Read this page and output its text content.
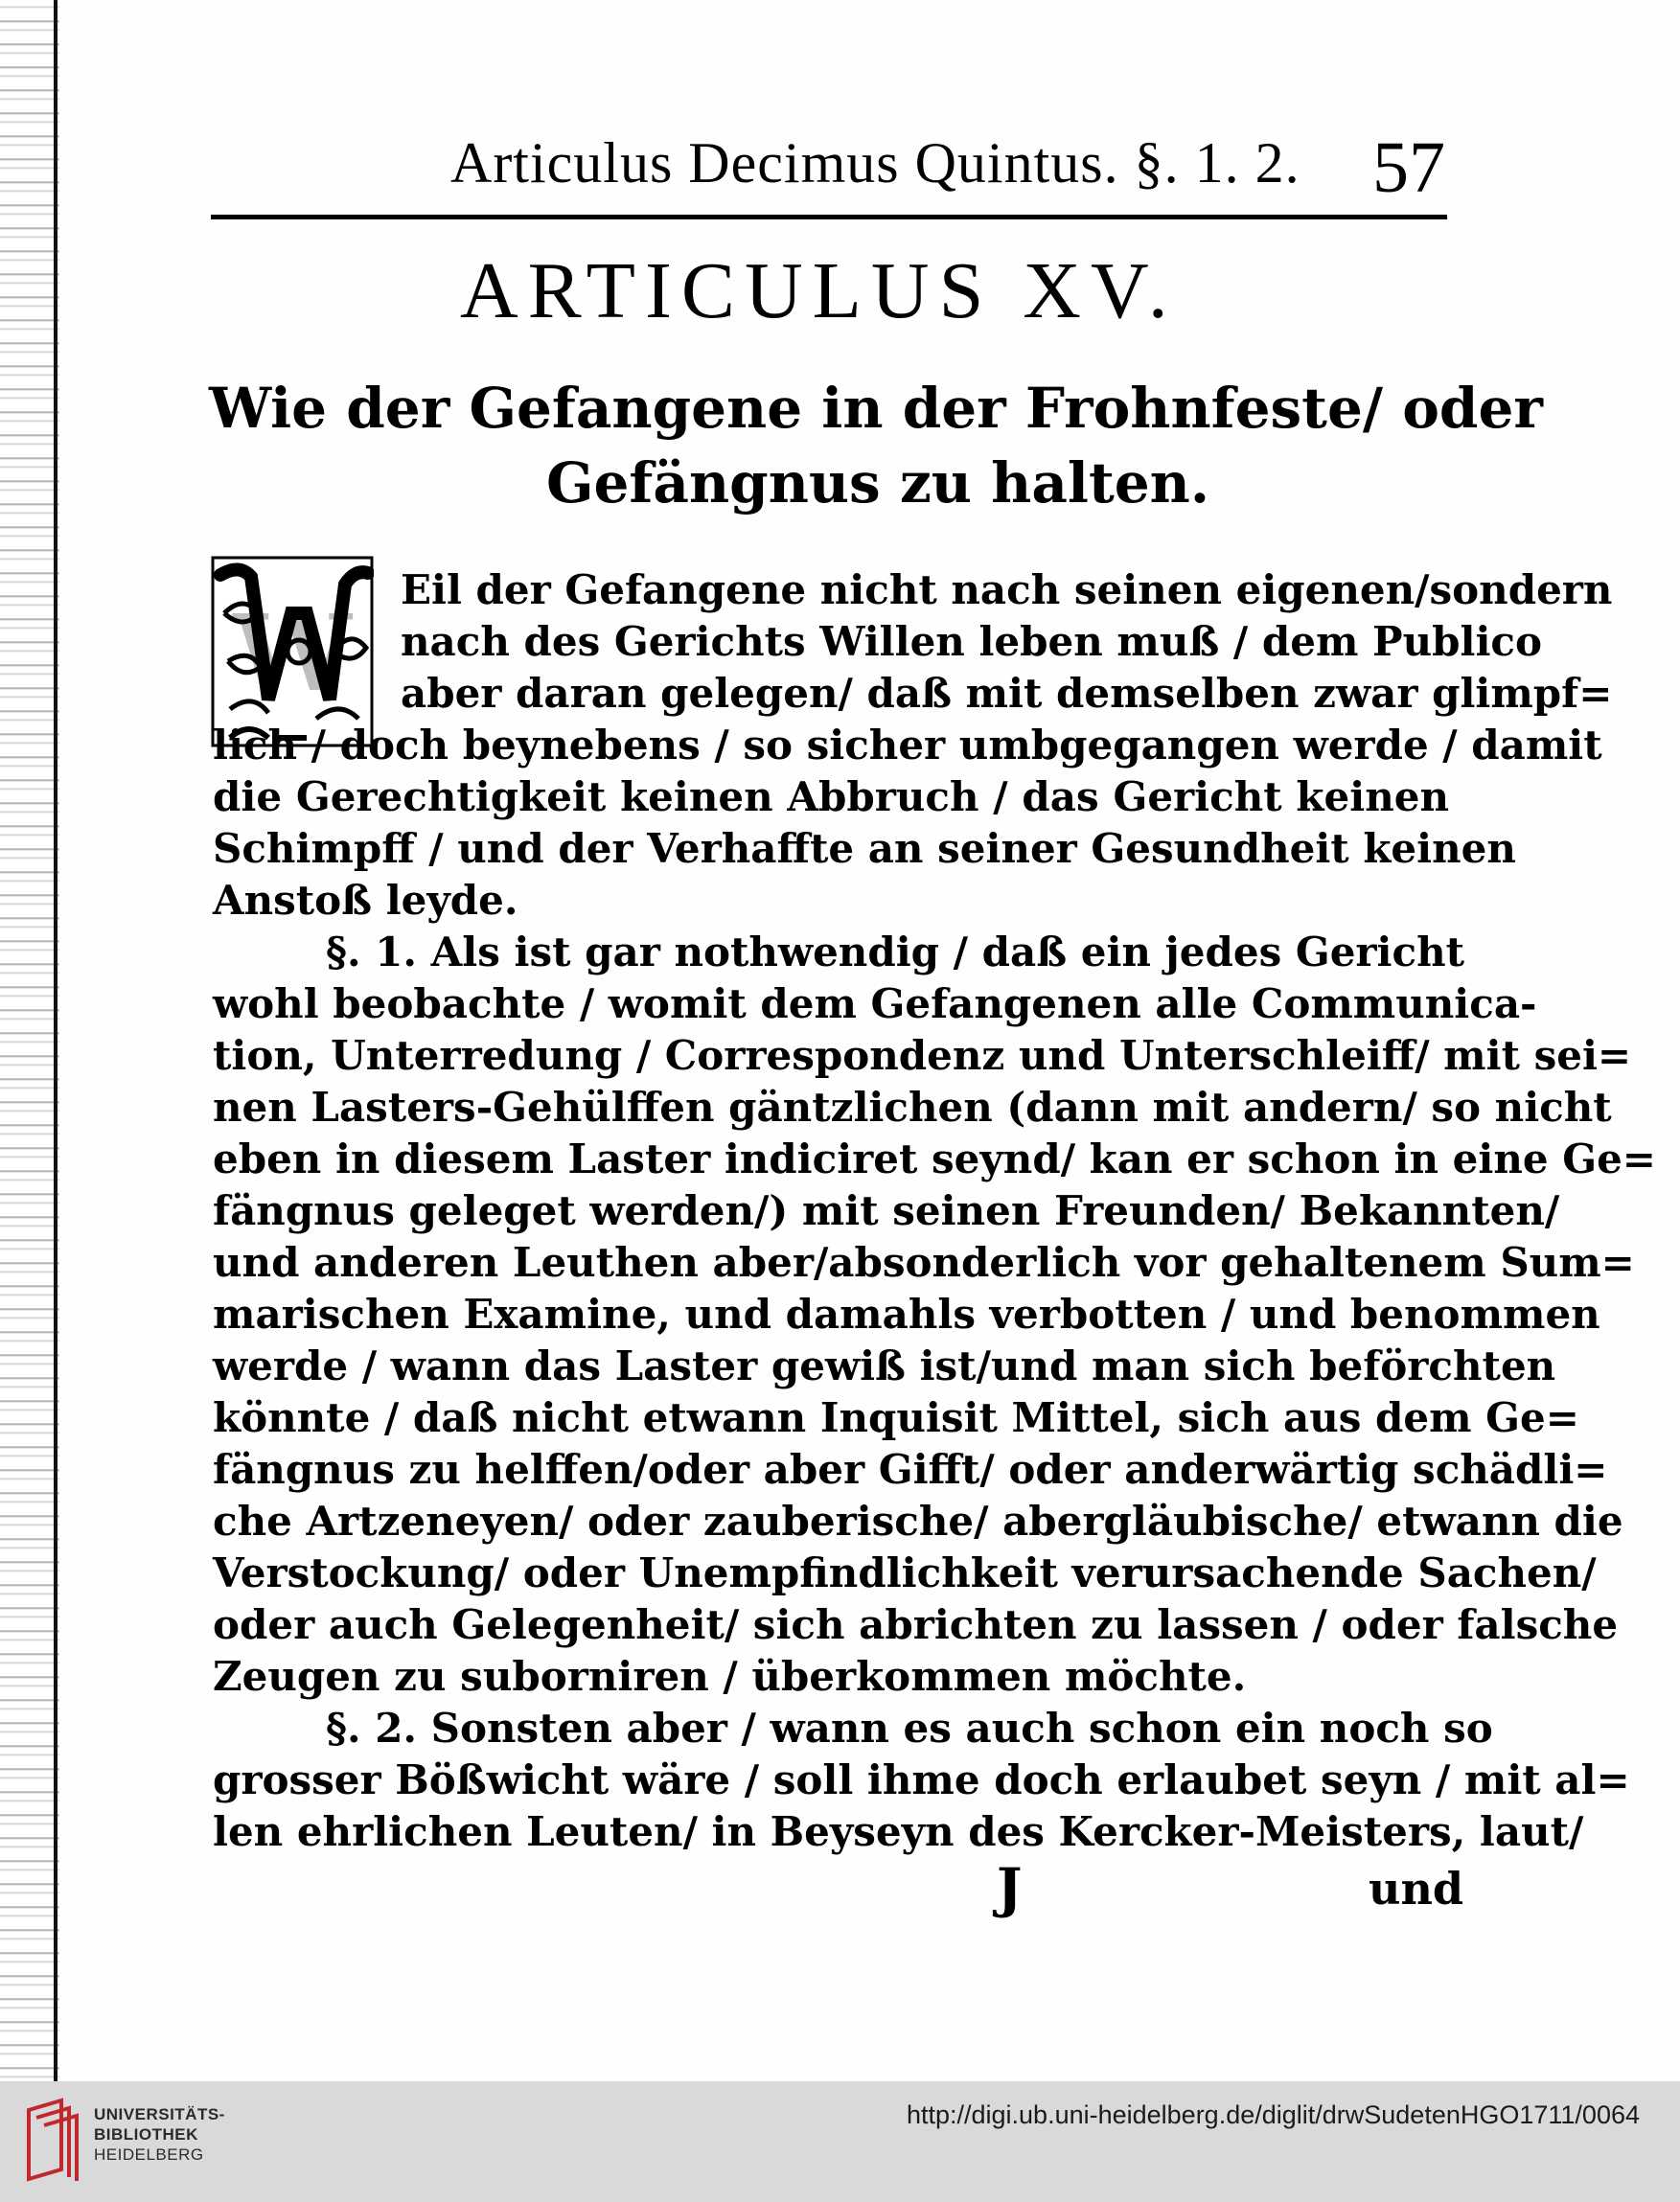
Articulus Decimus Quintus. §. 1. 2. 57
ARTICULUS XV.
Wie der Gefangene in der Frohnfeste/ oder
Gefängnus zu halten.
W
Eil der Gefangene nicht nach seinen eigenen/sondern
nach des Gerichts Willen leben muß / dem Publico
aber daran gelegen/ daß mit demselben zwar glimpf=
lich / doch beynebens / so sicher umbgegangen werde / damit
die Gerechtigkeit keinen Abbruch / das Gericht keinen
Schimpff / und der Verhaffte an seiner Gesundheit keinen
Anstoß leyde.
§. 1. Als ist gar nothwendig / daß ein jedes Gericht
wohl beobachte / womit dem Gefangenen alle Communica-
tion, Unterredung / Correspondenz und Unterschleiff/ mit sei=
nen Lasters-Gehülffen gäntzlichen (dann mit andern/ so nicht
eben in diesem Laster indiciret seynd/ kan er schon in eine Ge=
fängnus geleget werden/) mit seinen Freunden/ Bekannten/
und anderen Leuthen aber/absonderlich vor gehaltenem Sum=
marischen Examine, und damahls verbotten / und benommen
werde / wann das Laster gewiß ist/und man sich beförchten
könnte / daß nicht etwann Inquisit Mittel, sich aus dem Ge=
fängnus zu helffen/oder aber Gifft/ oder anderwärtig schädli=
che Artzeneyen/ oder zauberische/ abergläubische/ etwann die
Verstockung/ oder Unempfindlichkeit verursachende Sachen/
oder auch Gelegenheit/ sich abrichten zu lassen / oder falsche
Zeugen zu suborniren / überkommen möchte.
§. 2. Sonsten aber / wann es auch schon ein noch so
grosser Bößwicht wäre / soll ihme doch erlaubet seyn / mit al=
len ehrlichen Leuten/ in Beyseyn des Kercker-Meisters, laut/
J	und
UNIVERSITÄTS-
BIBLIOTHEK
HEIDELBERG
http://digi.ub.uni-heidelberg.de/diglit/drwSudetenHGO1711/0064
